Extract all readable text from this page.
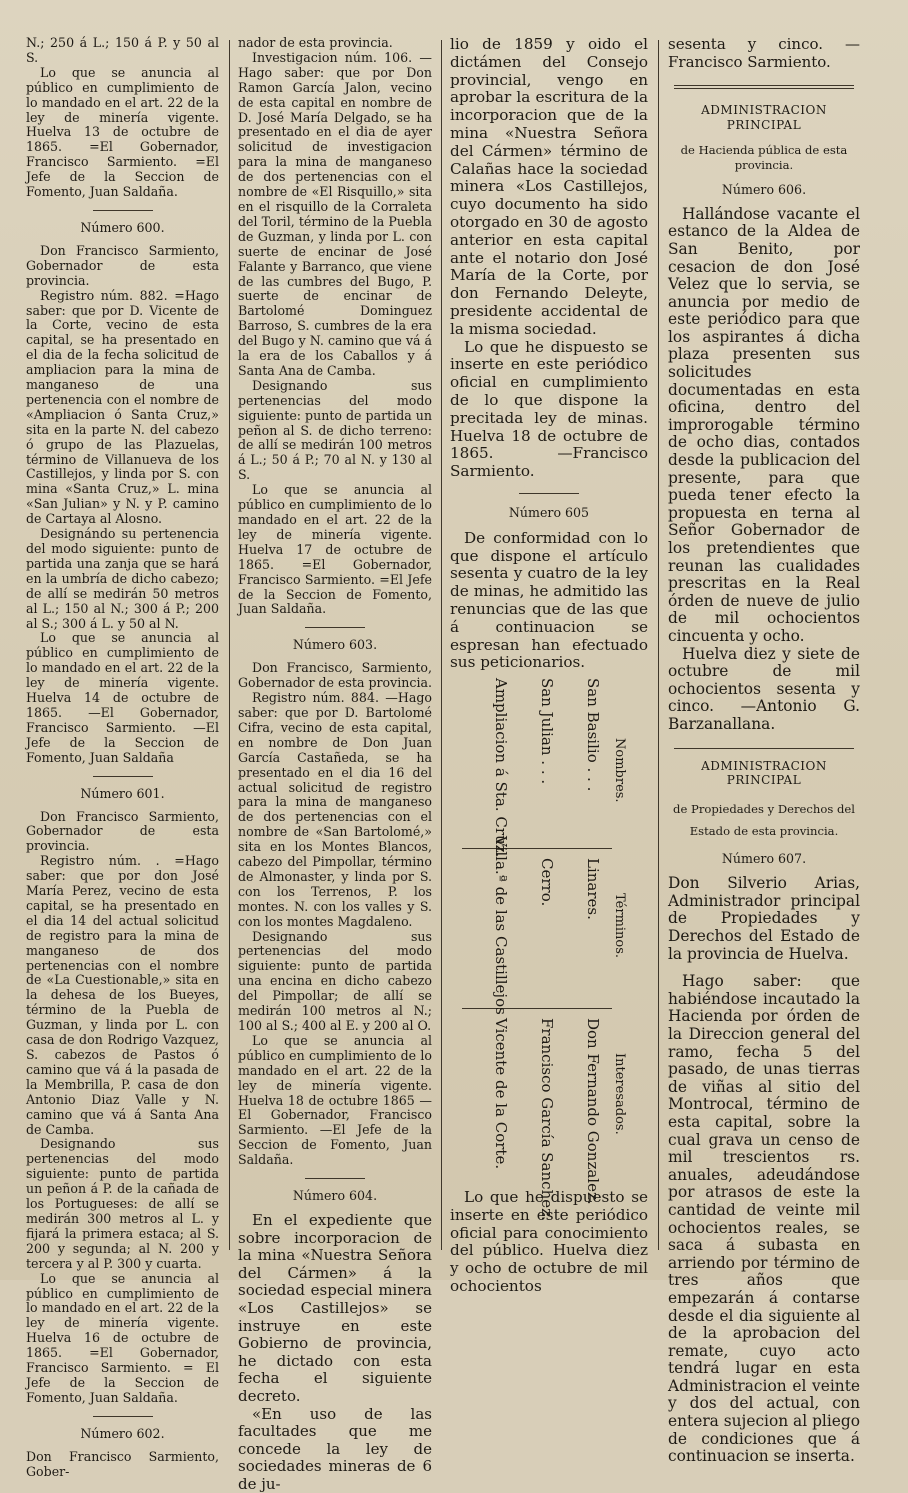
N.; 250 á L.; 150 á P. y 50 al S.

Lo que se anuncia al público en cumplimiento de lo mandado en el art. 22 de la ley de minería vigente. Huelva 13 de octubre de 1865. =El Gobernador, Francisco Sarmiento. =El Jefe de la Seccion de Fomento, Juan Saldaña.

Número 600.

Don Francisco Sarmiento, Gobernador de esta provincia.

Registro núm. 882. =Hago saber: que por D. Vicente de la Corte, vecino de esta capital, se ha presentado en el dia de la fecha solicitud de ampliacion para la mina de manganeso de una pertenencia con el nombre de «Ampliacion ó Santa Cruz,» sita en la parte N. del cabezo ó grupo de las Plazuelas, término de Villanueva de los Castillejos, y linda por S. con mina «Santa Cruz,» L. mina «San Julian» y N. y P. camino de Cartaya al Alosno.

Designándo su pertenencia del modo siguiente: punto de partida una zanja que se hará en la umbría de dicho cabezo; de allí se medirán 50 metros al L.; 150 al N.; 300 á P.; 200 al S.; 300 á L. y 50 al N.

Lo que se anuncia al público en cumplimiento de lo mandado en el art. 22 de la ley de minería vigente. Huelva 14 de octubre de 1865. —El Gobernador, Francisco Sarmiento. —El Jefe de la Seccion de Fomento, Juan Saldaña

Número 601.

Don Francisco Sarmiento, Gobernador de esta provincia.

Registro núm. . =Hago saber: que por don José María Perez, vecino de esta capital, se ha presentado en el dia 14 del actual solicitud de registro para la mina de manganeso de dos pertenencias con el nombre de «La Cuestionable,» sita en la dehesa de los Bueyes, término de la Puebla de Guzman, y linda por L. con casa de don Rodrigo Vazquez, S. cabezos de Pastos ó camino que vá á la pasada de la Membrilla, P. casa de don Antonio Diaz Valle y N. camino que vá á Santa Ana de Camba.

Designando sus pertenencias del modo siguiente: punto de partida un peñon á P. de la cañada de los Portugueses: de allí se medirán 300 metros al L. y fijará la primera estaca; al S. 200 y segunda; al N. 200 y tercera y al P. 300 y cuarta.

Lo que se anuncia al público en cumplimiento de lo mandado en el art. 22 de la ley de minería vigente. Huelva 16 de octubre de 1865. =El Gobernador, Francisco Sarmiento. = El Jefe de la Seccion de Fomento, Juan Saldaña.

Número 602.

Don Francisco Sarmiento, Gober-

nador de esta provincia.

Investigacion núm. 106. —Hago saber: que por Don Ramon García Jalon, vecino de esta capital en nombre de D. José María Delgado, se ha presentado en el dia de ayer solicitud de investigacion para la mina de manganeso de dos pertenencias con el nombre de «El Risquillo,» sita en el risquillo de la Corraleta del Toril, término de la Puebla de Guzman, y linda por L. con suerte de encinar de José Falante y Barranco, que viene de las cumbres del Bugo, P. suerte de encinar de Bartolomé Dominguez Barroso, S. cumbres de la era del Bugo y N. camino que vá á la era de los Caballos y á Santa Ana de Camba.

Designando sus pertenencias del modo siguiente: punto de partida un peñon al S. de dicho terreno: de allí se medirán 100 metros á L.; 50 á P.; 70 al N. y 130 al S.

Lo que se anuncia al público en cumplimiento de lo mandado en el art. 22 de la ley de minería vigente. Huelva 17 de octubre de 1865. =El Gobernador, Francisco Sarmiento. =El Jefe de la Seccion de Fomento, Juan Saldaña.

Número 603.

Don Francisco, Sarmiento, Gobernador de esta provincia.

Registro núm. 884. —Hago saber: que por D. Bartolomé Cifra, vecino de esta capital, en nombre de Don Juan García Castañeda, se ha presentado en el dia 16 del actual solicitud de registro para la mina de manganeso de dos pertenencias con el nombre de «San Bartolomé,» sita en los Montes Blancos, cabezo del Pimpollar, término de Almonaster, y linda por S. con los Terrenos, P. los montes. N. con los valles y S. con los montes Magdaleno.

Designando sus pertenencias del modo siguiente: punto de partida una encina en dicho cabezo del Pimpollar; de allí se medirán 100 metros al N.; 100 al S.; 400 al E. y 200 al O.

Lo que se anuncia al público en cumplimiento de lo mandado en el art. 22 de la ley de minería vigente. Huelva 18 de octubre 1865 —El Gobernador, Francisco Sarmiento. —El Jefe de la Seccion de Fomento, Juan Saldaña.

Número 604.

En el expediente que sobre incorporacion de la mina «Nuestra Señora del Cármen» á la sociedad especial minera «Los Castillejos» se instruye en este Gobierno de provincia, he dictado con esta fecha el siguiente decreto.

«En uso de las facultades que me concede la ley de sociedades mineras de 6 de ju-

lio de 1859 y oido el dictámen del Consejo provincial, vengo en aprobar la escritura de la incorporacion que de la mina «Nuestra Señora del Cármen» término de Calañas hace la sociedad minera «Los Castillejos, cuyo documento ha sido otorgado en 30 de agosto anterior en esta capital ante el notario don José María de la Corte, por don Fernando Deleyte, presidente accidental de la misma sociedad.

Lo que he dispuesto se inserte en este periódico oficial en cumplimiento de lo que dispone la precitada ley de minas. Huelva 18 de octubre de 1865. —Francisco Sarmiento.

Número 605

De conformidad con lo que dispone el artículo sesenta y cuatro de la ley de minas, he admitido las renuncias que de las que á continuacion se espresan han efectuado sus peticionarios.

Nombres.
Términos.
Interesados.
San Basilio . . .
Linares.
Don Fernando Gonzalez.
San Julian . . .
Cerro.
Francisco García Sanchez.
Ampliacion á Sta. Cruz.
Villa.ª de las Castillejos
Vicente de la Corte.

Lo que he dispuesto se inserte en este periódico oficial para conocimiento del público. Huelva diez y ocho de octubre de mil ochocientos

sesenta y cinco. —Francisco Sarmiento.

ADMINISTRACION PRINCIPAL

de Hacienda pública de esta provincia.

Número 606.

Hallándose vacante el estanco de la Aldea de San Benito, por cesacion de don José Velez que lo servia, se anuncia por medio de este periódico para que los aspirantes á dicha plaza presenten sus solicitudes documentadas en esta oficina, dentro del improrogable término de ocho dias, contados desde la publicacion del presente, para que pueda tener efecto la propuesta en terna al Señor Gobernador de los pretendientes que reunan las cualidades prescritas en la Real órden de nueve de julio de mil ochocientos cincuenta y ocho.

Huelva diez y siete de octubre de mil ochocientos sesenta y cinco. —Antonio G. Barzanallana.

ADMINISTRACION PRINCIPAL

de Propiedades y Derechos del Estado de esta provincia.

Número 607.

Don Silverio Arias, Administrador principal de Propiedades y Derechos del Estado de la provincia de Huelva.

Hago saber: que habiéndose incautado la Hacienda por órden de la Direccion general del ramo, fecha 5 del pasado, de unas tierras de viñas al sitio del Montrocal, término de esta capital, sobre la cual grava un censo de mil trescientos rs. anuales, adeudándose por atrasos de este la cantidad de veinte mil ochocientos reales, se saca á subasta en arriendo por término de tres años que empezarán á contarse desde el dia siguiente al de la aprobacion del remate, cuyo acto tendrá lugar en esta Administracion el veinte y dos del actual, con entera sujecion al pliego de condiciones que á continuacion se inserta.
